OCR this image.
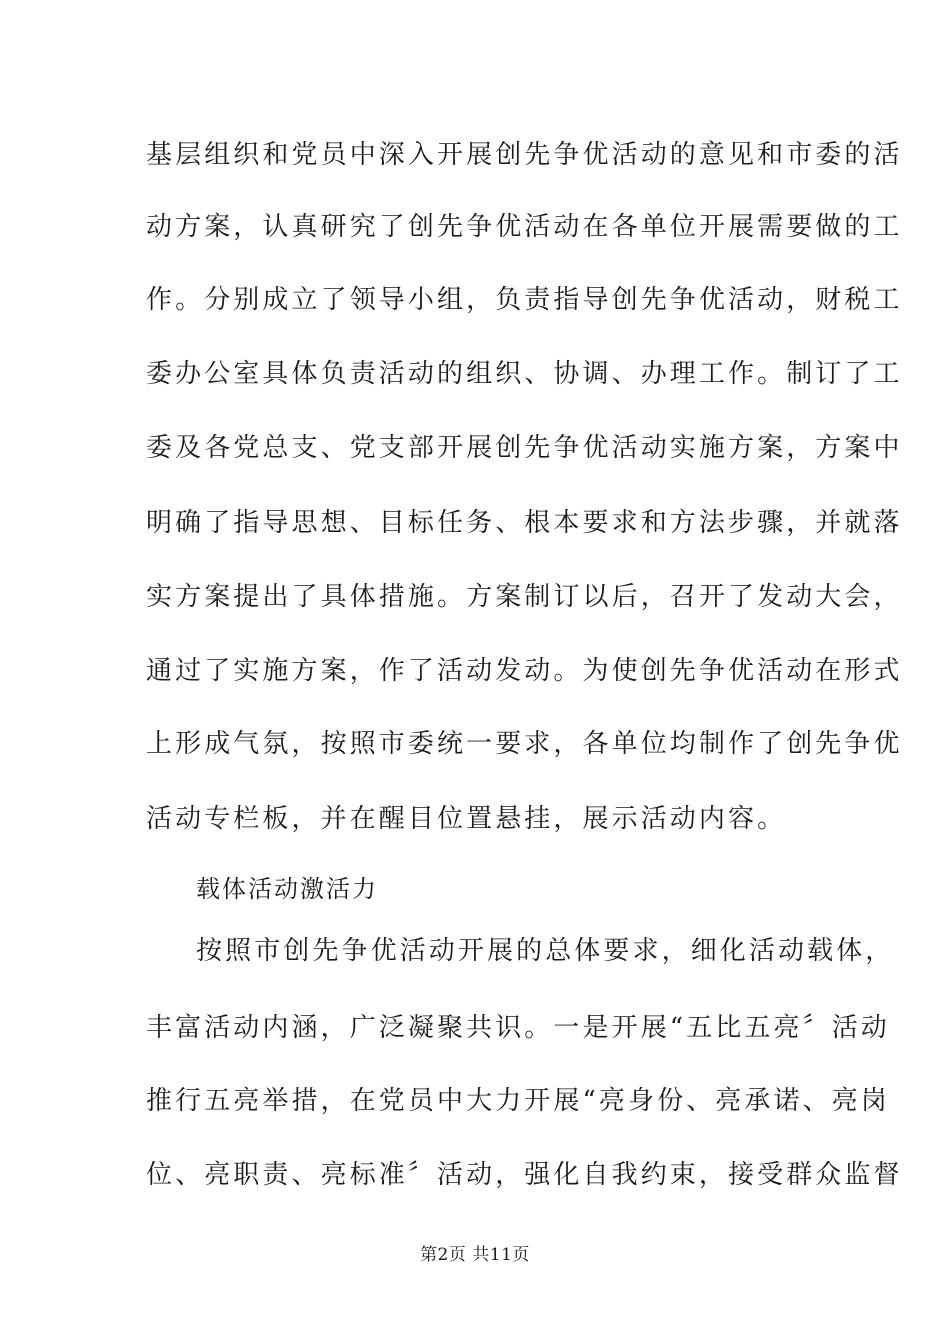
基层组织和党员中深入开展创先争优活动的意见和市委的活
动方案，认真研究了创先争优活动在各单位开展需要做的工
作。分别成立了领导小组，负责指导创先争优活动，财税工
委办公室具体负责活动的组织、协调、办理工作。制订了工
委及各党总支、党支部开展创先争优活动实施方案，方案中
明确了指导思想、目标任务、根本要求和方法步骤，并就落
实方案提出了具体措施。方案制订以后，召开了发动大会，
通过了实施方案，作了活动发动。为使创先争优活动在形式
上形成气氛，按照市委统一要求，各单位均制作了创先争优
活动专栏板，并在醒目位置悬挂，展示活动内容。
载体活动激活力
按照市创先争优活动开展的总体要求，细化活动载体，
丰富活动内涵，广泛凝聚共识。一是开展“五比五亮〞活动
推行五亮举措，在党员中大力开展“亮身份、亮承诺、亮岗
位、亮职责、亮标准〞活动，强化自我约束，接受群众监督
第2页 共11页
